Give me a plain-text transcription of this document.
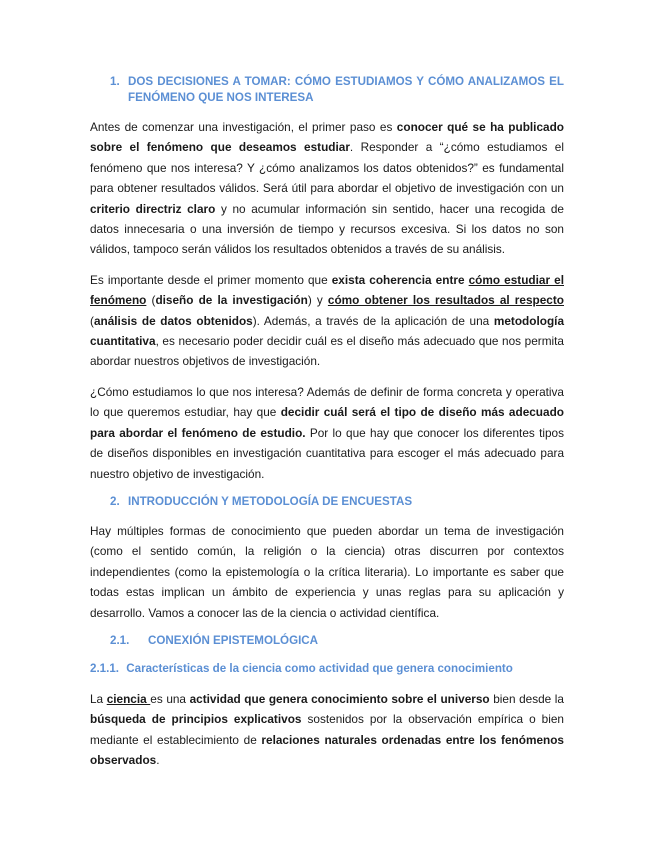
1. DOS DECISIONES A TOMAR: CÓMO ESTUDIAMOS Y CÓMO ANALIZAMOS EL FENÓMENO QUE NOS INTERESA

Antes de comenzar una investigación, el primer paso es conocer qué se ha publicado sobre el fenómeno que deseamos estudiar. Responder a “¿cómo estudiamos el fenómeno que nos interesa? Y ¿cómo analizamos los datos obtenidos?” es fundamental para obtener resultados válidos. Será útil para abordar el objetivo de investigación con un criterio directriz claro y no acumular información sin sentido, hacer una recogida de datos innecesaria o una inversión de tiempo y recursos excesiva. Si los datos no son válidos, tampoco serán válidos los resultados obtenidos a través de su análisis.

Es importante desde el primer momento que exista coherencia entre cómo estudiar el fenómeno (diseño de la investigación) y cómo obtener los resultados al respecto (análisis de datos obtenidos). Además, a través de la aplicación de una metodología cuantitativa, es necesario poder decidir cuál es el diseño más adecuado que nos permita abordar nuestros objetivos de investigación.

¿Cómo estudiamos lo que nos interesa? Además de definir de forma concreta y operativa lo que queremos estudiar, hay que decidir cuál será el tipo de diseño más adecuado para abordar el fenómeno de estudio. Por lo que hay que conocer los diferentes tipos de diseños disponibles en investigación cuantitativa para escoger el más adecuado para nuestro objetivo de investigación.

2. INTRODUCCIÓN Y METODOLOGÍA DE ENCUESTAS

Hay múltiples formas de conocimiento que pueden abordar un tema de investigación (como el sentido común, la religión o la ciencia) otras discurren por contextos independientes (como la epistemología o la crítica literaria). Lo importante es saber que todas estas implican un ámbito de experiencia y unas reglas para su aplicación y desarrollo. Vamos a conocer las de la ciencia o actividad científica.

2.1.	CONEXIÓN EPISTEMOLÓGICA
2.1.1. Características de la ciencia como actividad que genera conocimiento

La ciencia es una actividad que genera conocimiento sobre el universo bien desde la búsqueda de principios explicativos sostenidos por la observación empírica o bien mediante el establecimiento de relaciones naturales ordenadas entre los fenómenos observados.
